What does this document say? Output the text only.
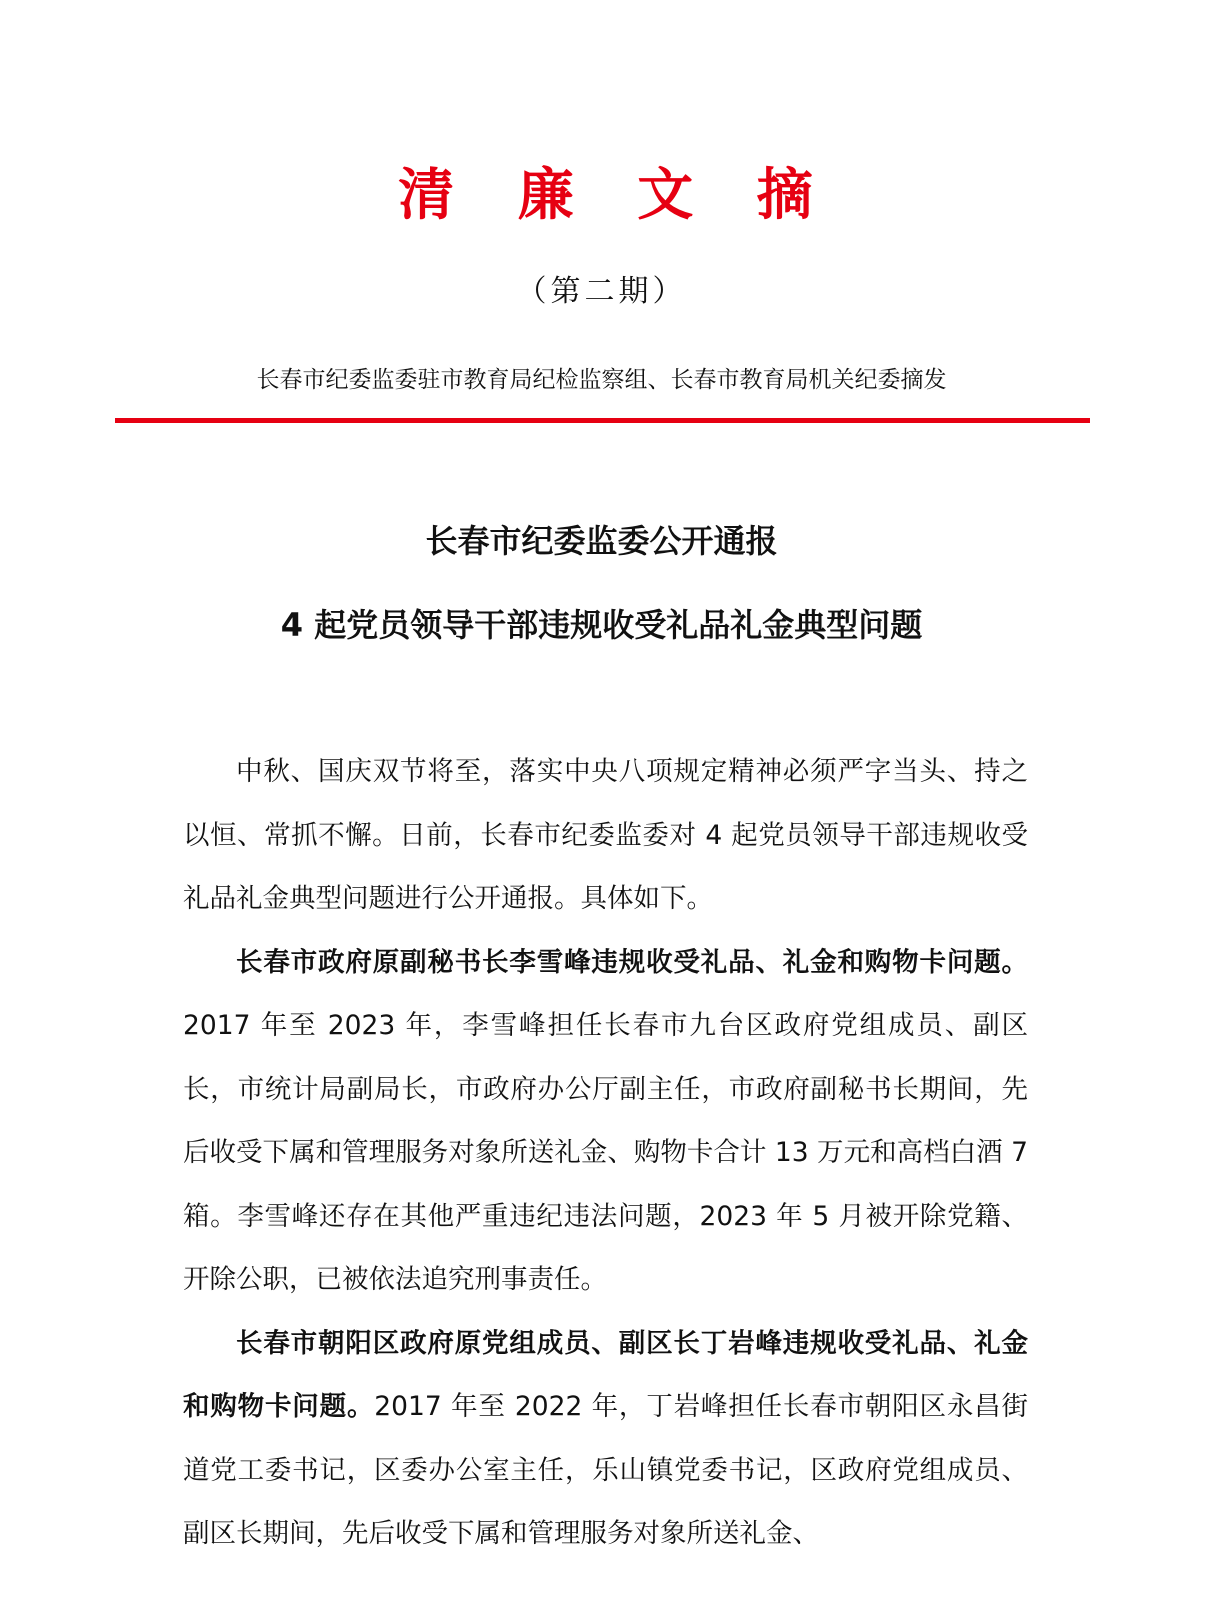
清 廉 文 摘
（第二期）
长春市纪委监委驻市教育局纪检监察组、长春市教育局机关纪委摘发
长春市纪委监委公开通报
4 起党员领导干部违规收受礼品礼金典型问题

中秋、国庆双节将至，落实中央八项规定精神必须严字当头、持之以恒、常抓不懈。日前，长春市纪委监委对 4 起党员领导干部违规收受礼品礼金典型问题进行公开通报。具体如下。

长春市政府原副秘书长李雪峰违规收受礼品、礼金和购物卡问题。2017 年至 2023 年，李雪峰担任长春市九台区政府党组成员、副区长，市统计局副局长，市政府办公厅副主任，市政府副秘书长期间，先后收受下属和管理服务对象所送礼金、购物卡合计 13 万元和高档白酒 7 箱。李雪峰还存在其他严重违纪违法问题，2023 年 5 月被开除党籍、开除公职，已被依法追究刑事责任。

长春市朝阳区政府原党组成员、副区长丁岩峰违规收受礼品、礼金和购物卡问题。2017 年至 2022 年，丁岩峰担任长春市朝阳区永昌街道党工委书记，区委办公室主任，乐山镇党委书记，区政府党组成员、副区长期间，先后收受下属和管理服务对象所送礼金、
